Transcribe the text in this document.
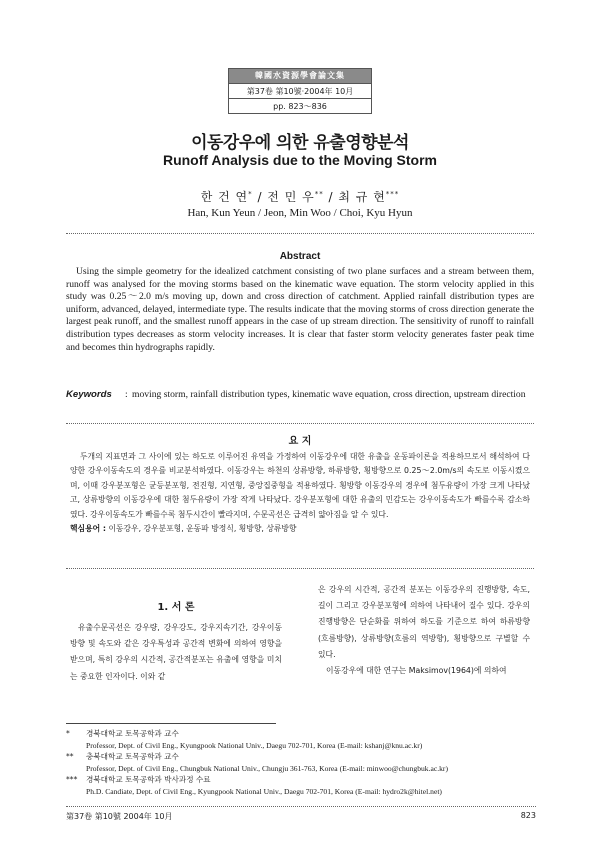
韓國水資源學會論文集
第37卷 第10號·2004年 10月
pp. 823～836
이동강우에 의한 유출영향분석
Runoff Analysis due to the Moving Storm
한 건 연* / 전 민 우** / 최 규 현***
Han, Kun Yeun / Jeon, Min Woo / Choi, Kyu Hyun
Abstract

Using the simple geometry for the idealized catchment consisting of two plane surfaces and a stream between them, runoff was analysed for the moving storms based on the kinematic wave equation. The storm velocity applied in this study was 0.25～2.0 m/s moving up, down and cross direction of catchment. Applied rainfall distribution types are uniform, advanced, delayed, intermediate type. The results indicate that the moving storms of cross direction generate the largest peak runoff, and the smallest runoff appears in the case of up stream direction. The sensitivity of runoff to rainfall distribution types decreases as storm velocity increases. It is clear that faster storm velocity generates faster peak time and becomes thin hydrographs rapidly.

Keywords : moving storm, rainfall distribution types, kinematic wave equation, cross direction, upstream direction
요 지

두개의 지표면과 그 사이에 있는 하도로 이루어진 유역을 가정하여 이동강우에 대한 유출을 운동파이론을 적용하므로서 해석하여 다양한 강우이동속도의 경우를 비교분석하였다. 이동강우는 하천의 상류방향, 하류방향, 횡방향으로 0.25～2.0m/s의 속도로 이동시켰으며, 이때 강우분포형은 균등분포형, 전진형, 지연형, 중앙집중형을 적용하였다. 횡방향 이동강우의 경우에 첨두유량이 가장 크게 나타났고, 상류방향의 이동강우에 대한 첨두유량이 가장 작게 나타났다. 강우분포형에 대한 유출의 민감도는 강우이동속도가 빠를수록 감소하였다. 강우이동속도가 빠를수록 첨두시간이 빨라지며, 수문곡선은 급격히 얇아짐을 알 수 있다.

핵심용어 : 이동강우, 강우분포형, 운동파 방정식, 횡방향, 상류방향
1. 서 론

유출수문곡선은 강우량, 강우강도, 강우지속기간, 강우이동방향 및 속도와 같은 강우특성과 공간적 변화에 의하여 영향을 받으며, 특히 강우의 시간적, 공간적분포는 유출에 영향을 미치는 중요한 인자이다. 이와 같

은 강우의 시간적, 공간적 분포는 이동강우의 진행방향, 속도, 길이 그리고 강우분포형에 의하여 나타내어 질수 있다. 강우의 진행방향은 단순화를 위하여 하도를 기준으로 하여 하류방향(흐름방향), 상류방향(흐름의 역방향), 횡방향으로 구별할 수 있다.

이동강우에 대한 연구는 Maksimov(1964)에 의하여

* 경북대학교 토목공학과 교수
Professor, Dept. of Civil Eng., Kyungpook National Univ., Daegu 702-701, Korea (E-mail: kshanj@knu.ac.kr)
** 충북대학교 토목공학과 교수
Professor, Dept. of Civil Eng., Chungbuk National Univ., Chungju 361-763, Korea (E-mail: minwoo@chungbuk.ac.kr)
*** 경북대학교 토목공학과 박사과정 수료
Ph.D. Candiate, Dept. of Civil Eng., Kyungpook National Univ., Daegu 702-701, Korea (E-mail: hydro2k@hitel.net)
第37卷 第10號 2004年 10月	823
